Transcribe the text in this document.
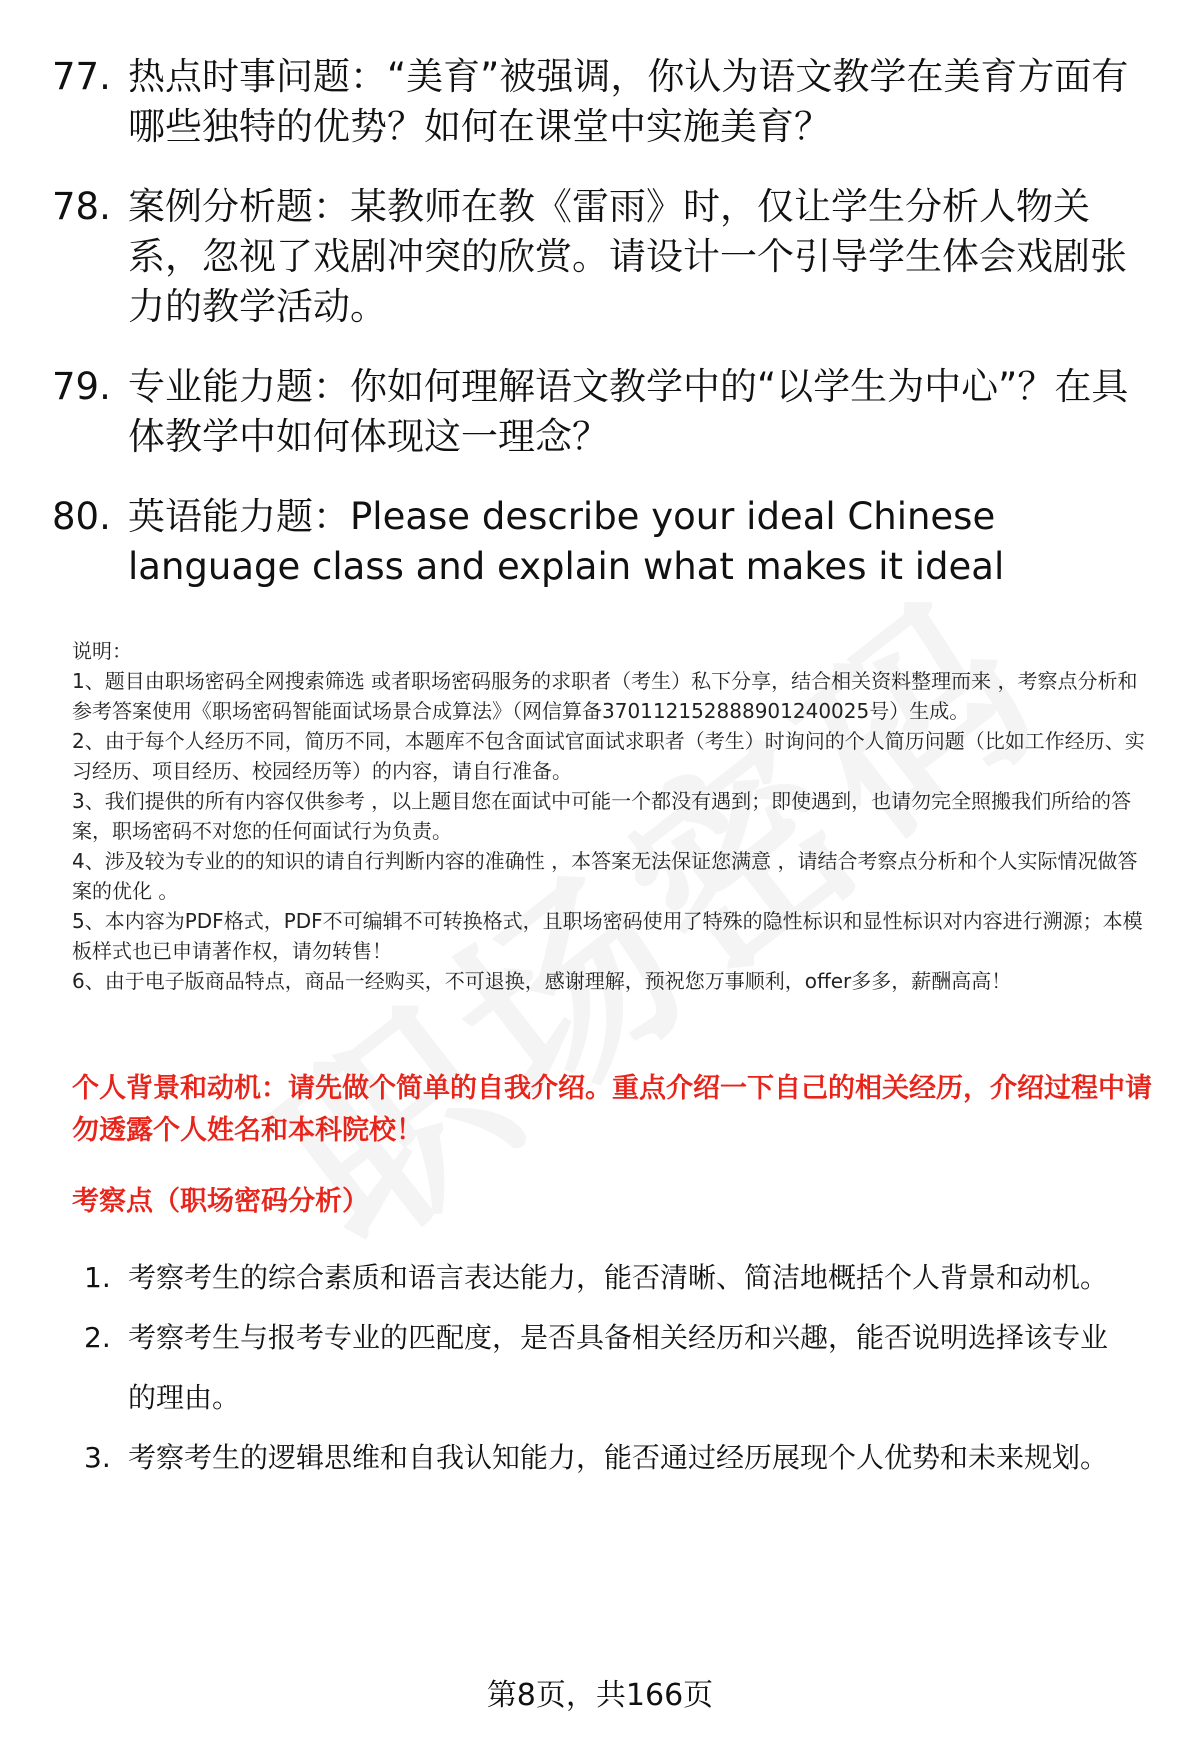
77. 热点时事问题：“美育”被强调，你认为语文教学在美育方面有哪些独特的优势？如何在课堂中实施美育？
78. 案例分析题：某教师在教《雷雨》时，仅让学生分析人物关系，忽视了戏剧冲突的欣赏。请设计一个引导学生体会戏剧张力的教学活动。
79. 专业能力题：你如何理解语文教学中的“以学生为中心”？在具体教学中如何体现这一理念？
80. 英语能力题：Please describe your ideal Chinese language class and explain what makes it ideal

说明：

1、题目由职场密码全网搜索筛选 或者职场密码服务的求职者（考生）私下分享，结合相关资料整理而来 ，考察点分析和参考答案使用《职场密码智能面试场景合成算法》（网信算备370112152888901240025号）生成。

2、由于每个人经历不同，简历不同，本题库不包含面试官面试求职者（考生）时询问的个人简历问题（比如工作经历、实习经历、项目经历、校园经历等）的内容，请自行准备。

3、我们提供的所有内容仅供参考 ，以上题目您在面试中可能一个都没有遇到；即使遇到，也请勿完全照搬我们所给的答案，职场密码不对您的任何面试行为负责。

4、涉及较为专业的的知识的请自行判断内容的准确性 ，本答案无法保证您满意 ，请结合考察点分析和个人实际情况做答案的优化 。

5、本内容为PDF格式，PDF不可编辑不可转换格式，且职场密码使用了特殊的隐性标识和显性标识对内容进行溯源；本模板样式也已申请著作权，请勿转售！

6、由于电子版商品特点，商品一经购买，不可退换，感谢理解，预祝您万事顺利，offer多多，薪酬高高！

个人背景和动机：请先做个简单的自我介绍。重点介绍一下自己的相关经历，介绍过程中请勿透露个人姓名和本科院校！
考察点（职场密码分析）
1. 考察考生的综合素质和语言表达能力，能否清晰、简洁地概括个人背景和动机。
2. 考察考生与报考专业的匹配度，是否具备相关经历和兴趣，能否说明选择该专业的理由。
3. 考察考生的逻辑思维和自我认知能力，能否通过经历展现个人优势和未来规划。
第8页，共166页
